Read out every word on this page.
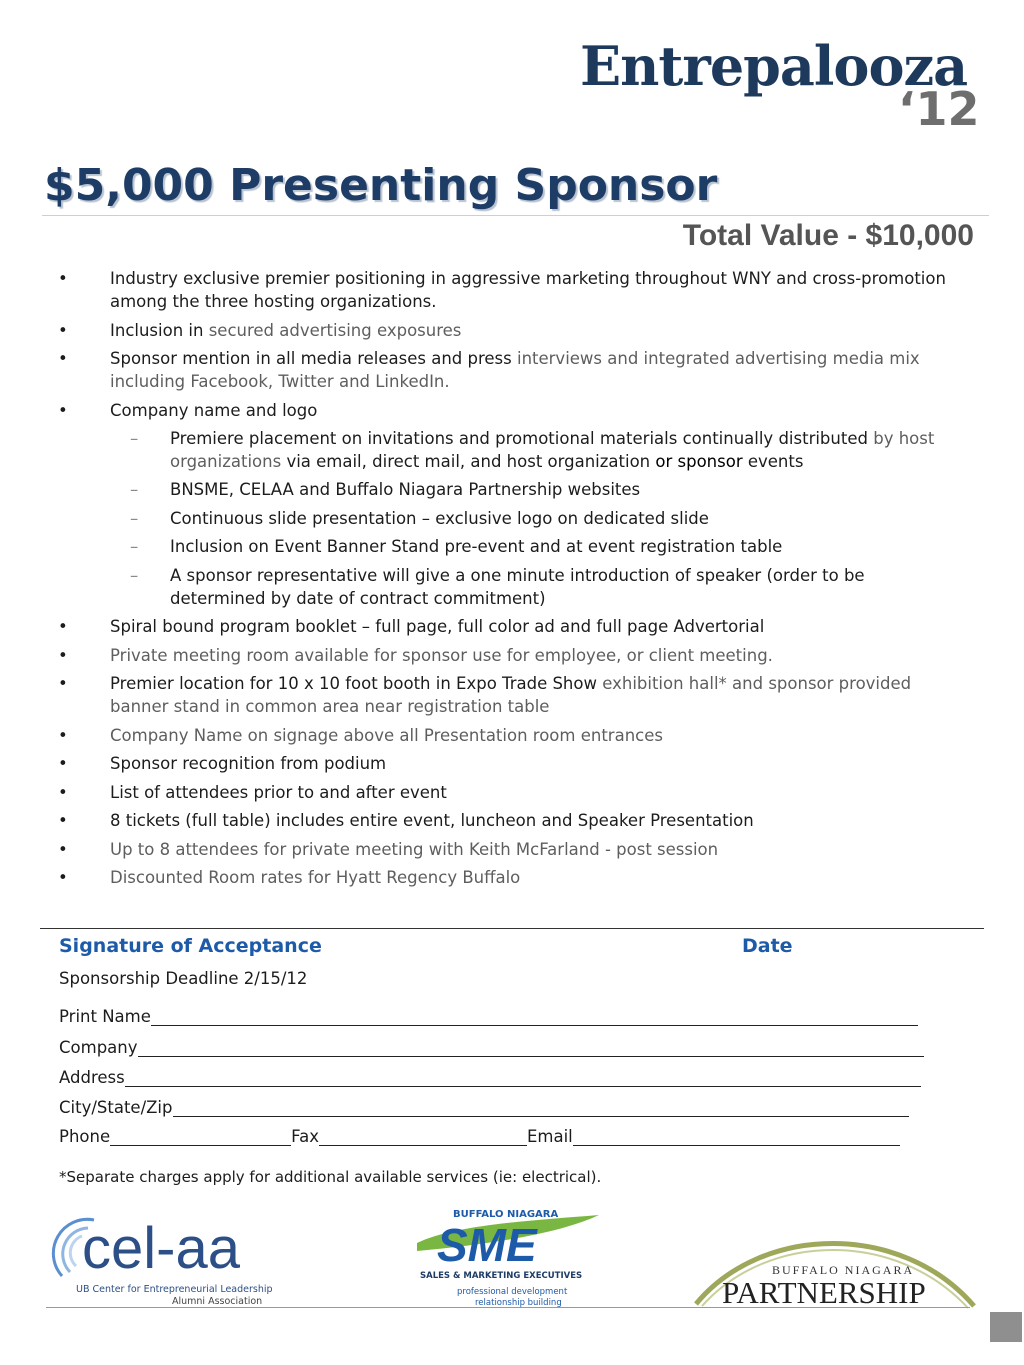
Entrepalooza
‘12
$5,000 Presenting Sponsor
Total Value - $10,000
•	Industry exclusive premier positioning in aggressive marketing throughout WNY and cross-promotion among the three hosting organizations.
•	Inclusion in secured advertising exposures
•	Sponsor mention in all media releases and press interviews and integrated advertising media mix including Facebook, Twitter and LinkedIn.
•	Company name and logo
– Premiere placement on invitations and promotional materials continually distributed by host organizations via email, direct mail, and host organization or sponsor events
– BNSME, CELAA and Buffalo Niagara Partnership websites
– Continuous slide presentation – exclusive logo on dedicated slide
– Inclusion on Event Banner Stand pre-event and at event registration table
– A sponsor representative will give a one minute introduction of speaker (order to be determined by date of contract commitment)
•	Spiral bound program booklet – full page, full color ad and full page Advertorial
•	Private meeting room available for sponsor use for employee, or client meeting.
•	Premier location for 10 x 10 foot booth in Expo Trade Show exhibition hall* and sponsor provided banner stand in common area near registration table
•	Company Name on signage above all Presentation room entrances
•	Sponsor recognition from podium
•	List of attendees prior to and after event
•	8 tickets (full table) includes entire event, luncheon and Speaker Presentation
•	Up to 8 attendees for private meeting with Keith McFarland - post session
•	Discounted Room rates for Hyatt Regency Buffalo
Signature of Acceptance	Date
Sponsorship Deadline 2/15/12
Print Name
Company
Address
City/State/Zip
Phone	Fax	Email
*Separate charges apply for additional available services (ie: electrical).
cel-aa
UB Center for Entrepreneurial Leadership
Alumni Association
BUFFALO NIAGARA
SME
SALES & MARKETING EXECUTIVES
professional development
relationship building
BUFFALO NIAGARA
PARTNERSHIP
